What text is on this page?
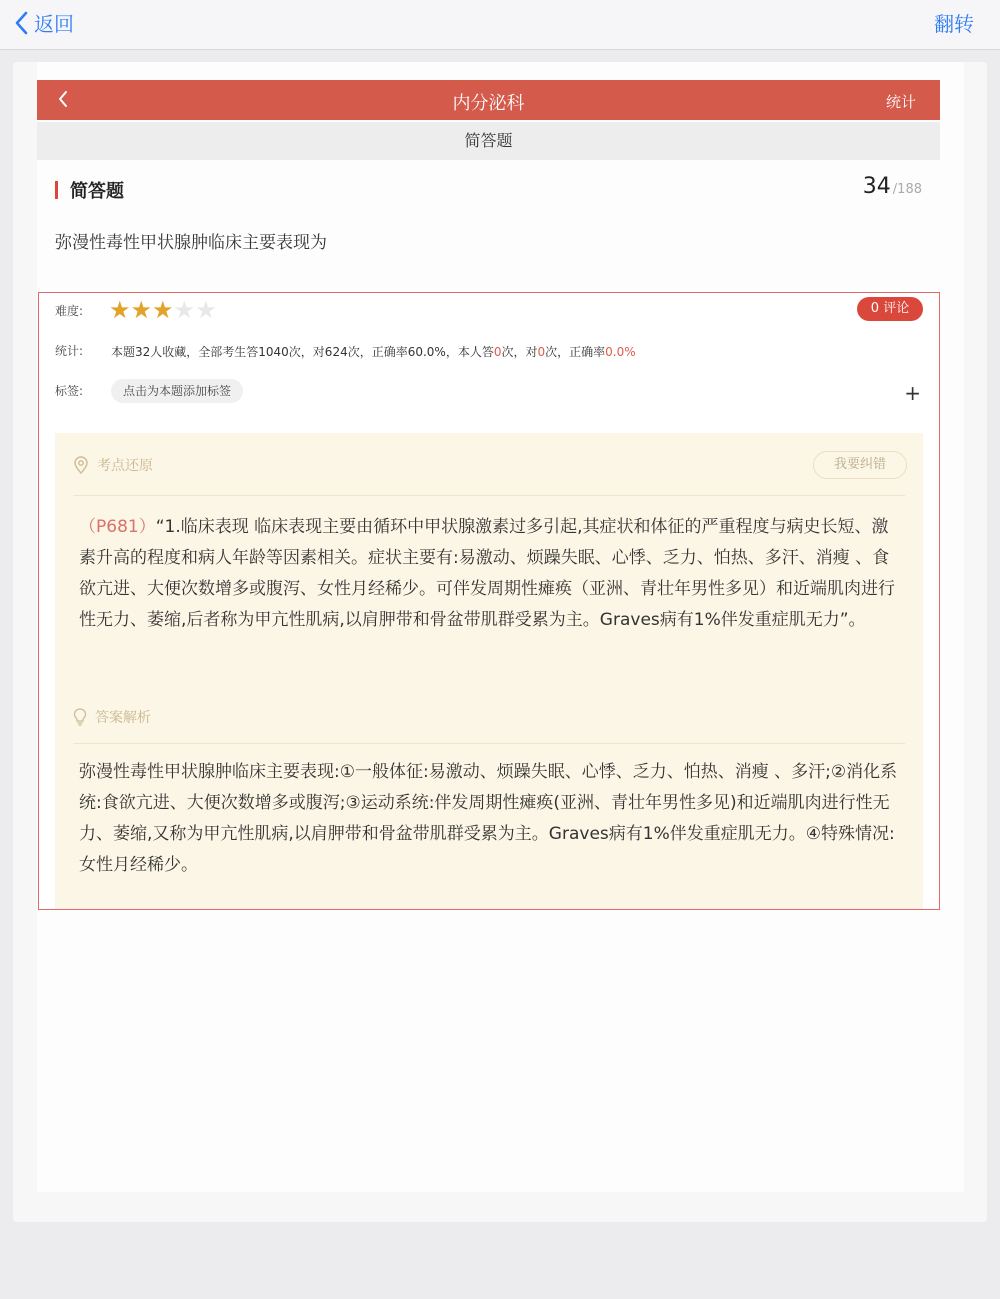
返回	翻转
内分泌科	统计
简答题
简答题	34 /188
弥漫性毒性甲状腺肿临床主要表现为
难度: ★ ★ ★ ★ ★	0 评论
统计: 本题32人收藏，全部考生答1040次，对624次，正确率60.0%，本人答0次，对0次，正确率0.0%
标签:	点击为本题添加标签	+
考点还原	我要纠错
（P681）“1.临床表现 临床表现主要由循环中甲状腺激素过多引起,其症状和体征的严重程度与病史长短、激素升高的程度和病人年龄等因素相关。症状主要有:易激动、烦躁失眠、心悸、乏力、怕热、多汗、消瘦 、食欲亢进、大便次数增多或腹泻、女性月经稀少。可伴发周期性瘫痪（亚洲、青壮年男性多见）和近端肌肉进行性无力、萎缩,后者称为甲亢性肌病,以肩胛带和骨盆带肌群受累为主。Graves病有1%伴发重症肌无力”。
答案解析
弥漫性毒性甲状腺肿临床主要表现:①一般体征:易激动、烦躁失眠、心悸、乏力、怕热、消瘦 、多汗;②消化系统:食欲亢进、大便次数增多或腹泻;③运动系统:伴发周期性瘫痪(亚洲、青壮年男性多见)和近端肌肉进行性无力、萎缩,又称为甲亢性肌病,以肩胛带和骨盆带肌群受累为主。Graves病有1%伴发重症肌无力。④特殊情况:女性月经稀少。
